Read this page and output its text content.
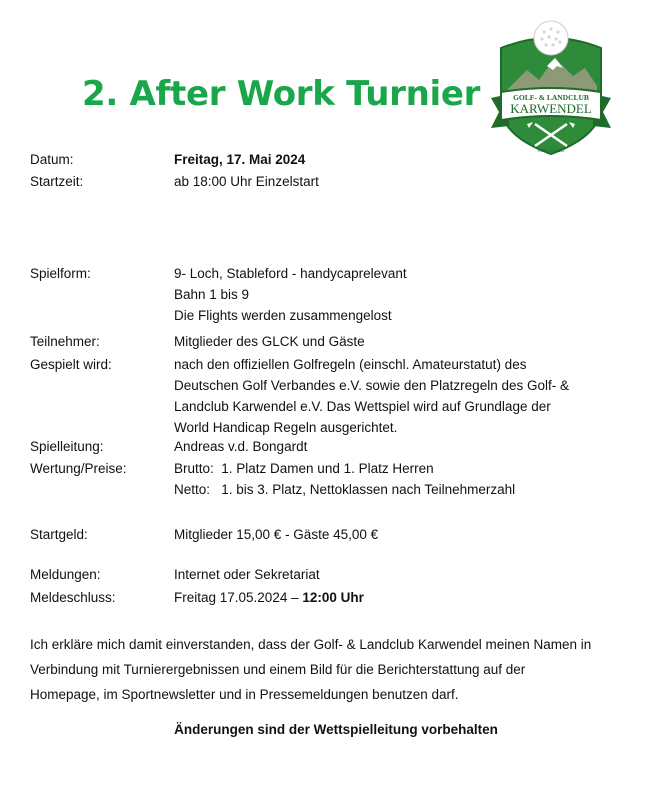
2. After Work Turnier	GOLF- & LANDCLUB
KARWENDEL
WALLGAU
Datum:	Freitag, 17. Mai 2024
Startzeit:	ab 18:00 Uhr Einzelstart
Spielform:	9- Loch, Stableford - handycaprelevant
Bahn 1 bis 9
Die Flights werden zusammengelost
Teilnehmer:	Mitglieder des GLCK und Gäste
Gespielt wird:	nach den offiziellen Golfregeln (einschl. Amateurstatut) des
Deutschen Golf Verbandes e.V. sowie den Platzregeln des Golf- &
Landclub Karwendel e.V. Das Wettspiel wird auf Grundlage der
World Handicap Regeln ausgerichtet.
Spielleitung:	Andreas v.d. Bongardt
Wertung/Preise:	Brutto:  1. Platz Damen und 1. Platz Herren
Netto:   1. bis 3. Platz, Nettoklassen nach Teilnehmerzahl
Startgeld:	Mitglieder 15,00 € - Gäste 45,00 €
Meldungen:	Internet oder Sekretariat
Meldeschluss:	Freitag 17.05.2024 – 12:00 Uhr
Ich erkläre mich damit einverstanden, dass der Golf- & Landclub Karwendel meinen Namen in
Verbindung mit Turnierergebnissen und einem Bild für die Berichterstattung auf der
Homepage, im Sportnewsletter und in Pressemeldungen benutzen darf.
Änderungen sind der Wettspielleitung vorbehalten
